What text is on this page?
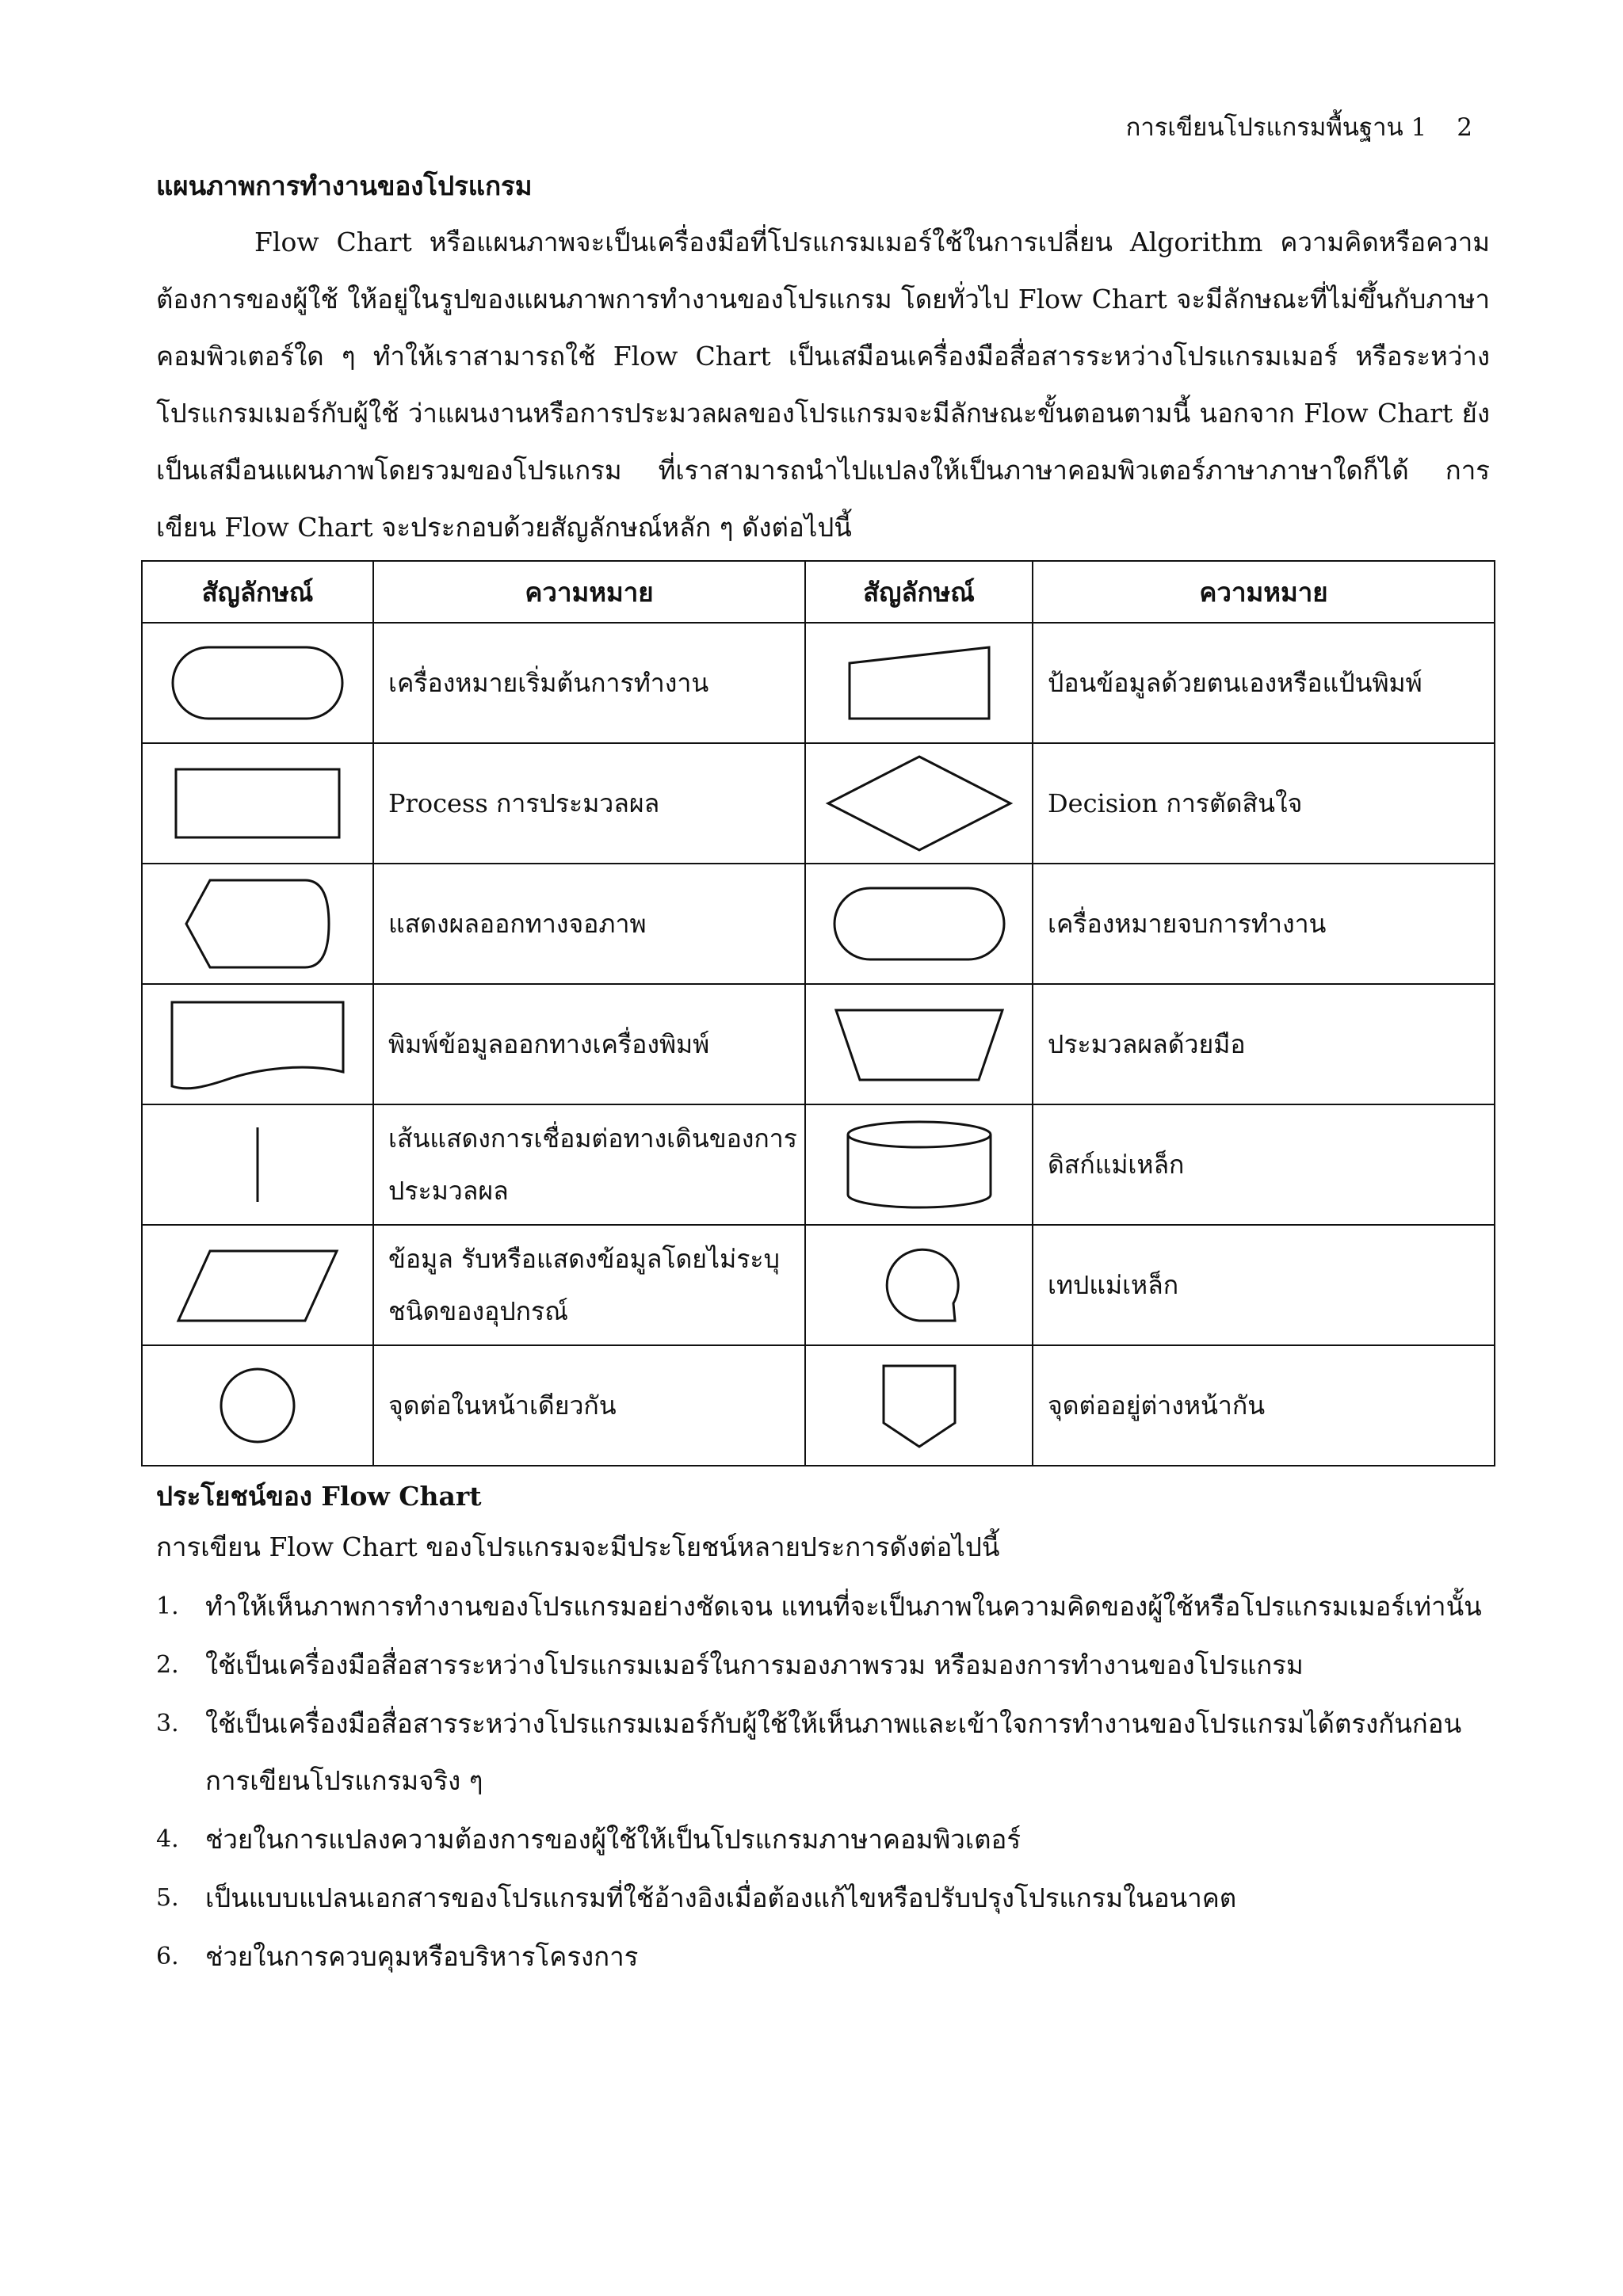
การเขียนโปรแกรมพื้นฐาน 1 2
แผนภาพการทำงานของโปรแกรม

Flow Chart หรือแผนภาพจะเป็นเครื่องมือที่โปรแกรมเมอร์ใช้ในการเปลี่ยน Algorithm ความคิดหรือความต้องการของผู้ใช้ ให้อยู่ในรูปของแผนภาพการทำงานของโปรแกรม โดยทั่วไป Flow Chart จะมีลักษณะที่ไม่ขึ้นกับภาษาคอมพิวเตอร์ใด ๆ ทำให้เราสามารถใช้ Flow Chart เป็นเสมือนเครื่องมือสื่อสารระหว่างโปรแกรมเมอร์ หรือระหว่างโปรแกรมเมอร์กับผู้ใช้ ว่าแผนงานหรือการประมวลผลของโปรแกรมจะมีลักษณะขั้นตอนตามนี้ นอกจาก Flow Chart ยังเป็นเสมือนแผนภาพโดยรวมของโปรแกรม ที่เราสามารถนำไปแปลงให้เป็นภาษาคอมพิวเตอร์ภาษาภาษาใดก็ได้ การเขียน Flow Chart จะประกอบด้วยสัญลักษณ์หลัก ๆ ดังต่อไปนี้

สัญลักษณ์	ความหมาย	สัญลักษณ์	ความหมาย

	เครื่องหมายเริ่มต้นการทำงาน		ป้อนข้อมูลด้วยตนเองหรือแป้นพิมพ์

	Process การประมวลผล		Decision การตัดสินใจ

	แสดงผลออกทางจอภาพ		เครื่องหมายจบการทำงาน

	พิมพ์ข้อมูลออกทางเครื่องพิมพ์		ประมวลผลด้วยมือ

	เส้นแสดงการเชื่อมต่อทางเดินของการประมวลผล		ดิสก์แม่เหล็ก

	ข้อมูล รับหรือแสดงข้อมูลโดยไม่ระบุชนิดของอุปกรณ์		เทปแม่เหล็ก

	จุดต่อในหน้าเดียวกัน		จุดต่ออยู่ต่างหน้ากัน
ประโยชน์ของ Flow Chart
การเขียน Flow Chart ของโปรแกรมจะมีประโยชน์หลายประการดังต่อไปนี้
1. ทำให้เห็นภาพการทำงานของโปรแกรมอย่างชัดเจน แทนที่จะเป็นภาพในความคิดของผู้ใช้หรือโปรแกรมเมอร์เท่านั้น
2. ใช้เป็นเครื่องมือสื่อสารระหว่างโปรแกรมเมอร์ในการมองภาพรวม หรือมองการทำงานของโปรแกรม
3. ใช้เป็นเครื่องมือสื่อสารระหว่างโปรแกรมเมอร์กับผู้ใช้ให้เห็นภาพและเข้าใจการทำงานของโปรแกรมได้ตรงกันก่อนการเขียนโปรแกรมจริง ๆ
4. ช่วยในการแปลงความต้องการของผู้ใช้ให้เป็นโปรแกรมภาษาคอมพิวเตอร์
5. เป็นแบบแปลนเอกสารของโปรแกรมที่ใช้อ้างอิงเมื่อต้องแก้ไขหรือปรับปรุงโปรแกรมในอนาคต
6. ช่วยในการควบคุมหรือบริหารโครงการ
